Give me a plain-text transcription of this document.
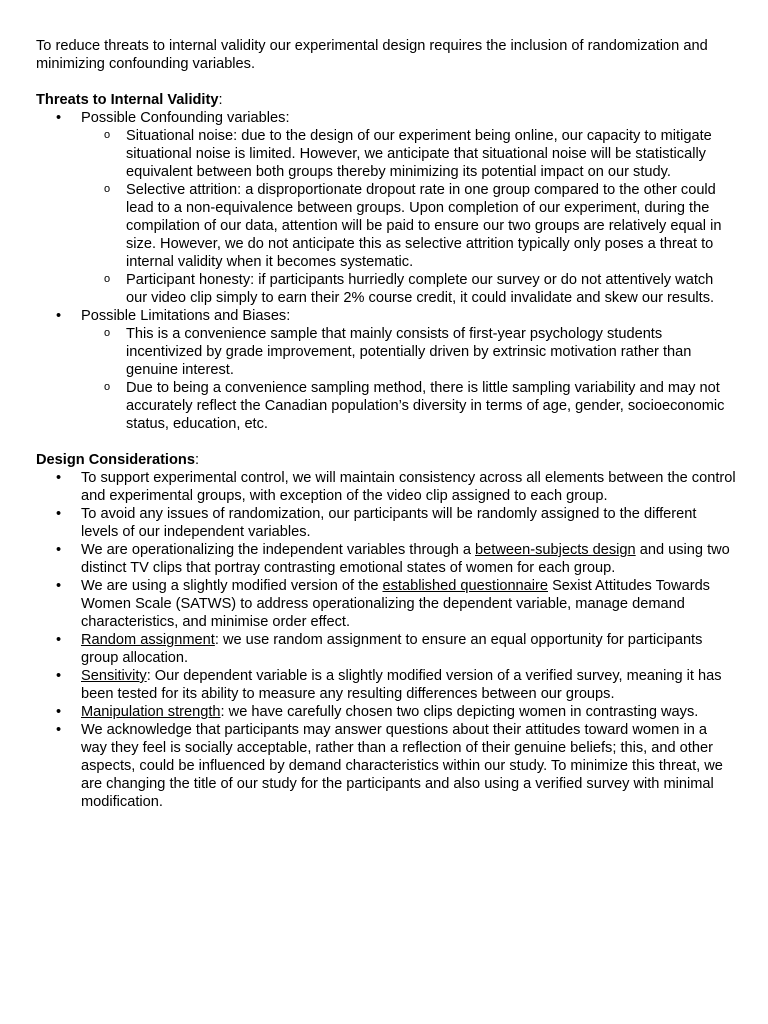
To reduce threats to internal validity our experimental design requires the inclusion of randomization and minimizing confounding variables.

Threats to Internal Validity:

• Possible Confounding variables:
o Situational noise: due to the design of our experiment being online, our capacity to mitigate situational noise is limited. However, we anticipate that situational noise will be statistically equivalent between both groups thereby minimizing its potential impact on our study.
o Selective attrition: a disproportionate dropout rate in one group compared to the other could lead to a non-equivalence between groups. Upon completion of our experiment, during the compilation of our data, attention will be paid to ensure our two groups are relatively equal in size. However, we do not anticipate this as selective attrition typically only poses a threat to internal validity when it becomes systematic.
o Participant honesty: if participants hurriedly complete our survey or do not attentively watch our video clip simply to earn their 2% course credit, it could invalidate and skew our results.
• Possible Limitations and Biases:
o This is a convenience sample that mainly consists of first-year psychology students incentivized by grade improvement, potentially driven by extrinsic motivation rather than genuine interest.
o Due to being a convenience sampling method, there is little sampling variability and may not accurately reflect the Canadian population’s diversity in terms of age, gender, socioeconomic status, education, etc.

Design Considerations:

• To support experimental control, we will maintain consistency across all elements between the control and experimental groups, with exception of the video clip assigned to each group.
• To avoid any issues of randomization, our participants will be randomly assigned to the different levels of our independent variables.
• We are operationalizing the independent variables through a between-subjects design and using two distinct TV clips that portray contrasting emotional states of women for each group.
• We are using a slightly modified version of the established questionnaire Sexist Attitudes Towards Women Scale (SATWS) to address operationalizing the dependent variable, manage demand characteristics, and minimise order effect.
• Random assignment: we use random assignment to ensure an equal opportunity for participants group allocation.
• Sensitivity: Our dependent variable is a slightly modified version of a verified survey, meaning it has been tested for its ability to measure any resulting differences between our groups.
• Manipulation strength: we have carefully chosen two clips depicting women in contrasting ways.
• We acknowledge that participants may answer questions about their attitudes toward women in a way they feel is socially acceptable, rather than a reflection of their genuine beliefs; this, and other aspects, could be influenced by demand characteristics within our study. To minimize this threat, we are changing the title of our study for the participants and also using a verified survey with minimal modification.
